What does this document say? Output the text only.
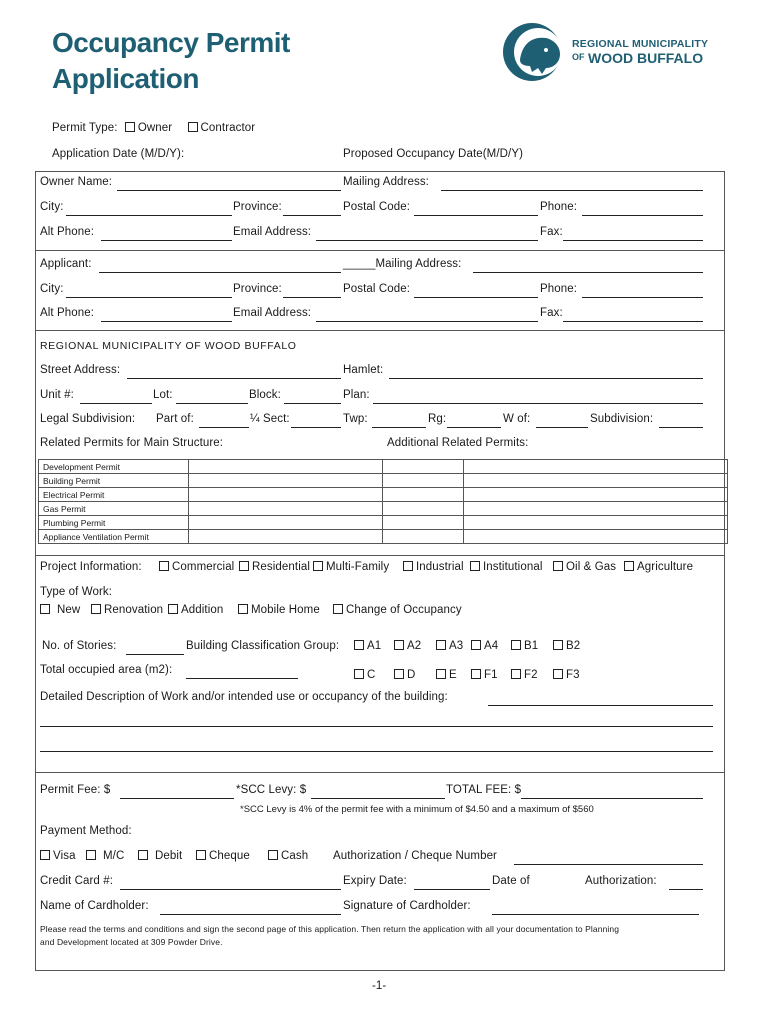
Occupancy Permit
Application
REGIONAL MUNICIPALITY
OF WOOD BUFFALO
Permit Type: Owner Contractor
Application Date (M/D/Y):	Proposed Occupancy Date(M/D/Y)
Owner Name:	Mailing Address:
City:	Province:	Postal Code:	Phone:
Alt Phone:	Email Address:	Fax:
Applicant:	_____Mailing Address:
City:	Province:	Postal Code:	Phone:
Alt Phone:	Email Address:	Fax:
REGIONAL MUNICIPALITY OF WOOD BUFFALO
Street Address:	Hamlet:
Unit #:	Lot:	Block:	Plan:
Legal Subdivision: Part of:	¼ Sect:	Twp:	Rg:	W of:	Subdivision:
Related Permits for Main Structure:	Additional Related Permits:
Development Permit			
Building Permit			
Electrical Permit			
Gas Permit			
Plumbing Permit			
Appliance Ventilation Permit			
Project Information:	Commercial	Residential	Multi-Family	Industrial	Institutional	Oil & Gas	Agriculture
Type of Work:
New	Renovation	Addition	Mobile Home	Change of Occupancy
No. of Stories:	Building Classification Group:	A1	A2	A3	A4	B1	B2
Total occupied area (m2):	C	D	E	F1	F2	F3
Detailed Description of Work and/or intended use or occupancy of the building:
Permit Fee: $	*SCC Levy: $	TOTAL FEE: $
*SCC Levy is 4% of the permit fee with a minimum of $4.50 and a maximum of $560
Payment Method:
Visa	M/C	Debit	Cheque	Cash Authorization / Cheque Number
Credit Card #:	Expiry Date:	Date of	Authorization:
Name of Cardholder:	Signature of Cardholder:
Please read the terms and conditions and sign the second page of this application. Then return the application with all your documentation to Planning
and Development located at 309 Powder Drive.
-1-
